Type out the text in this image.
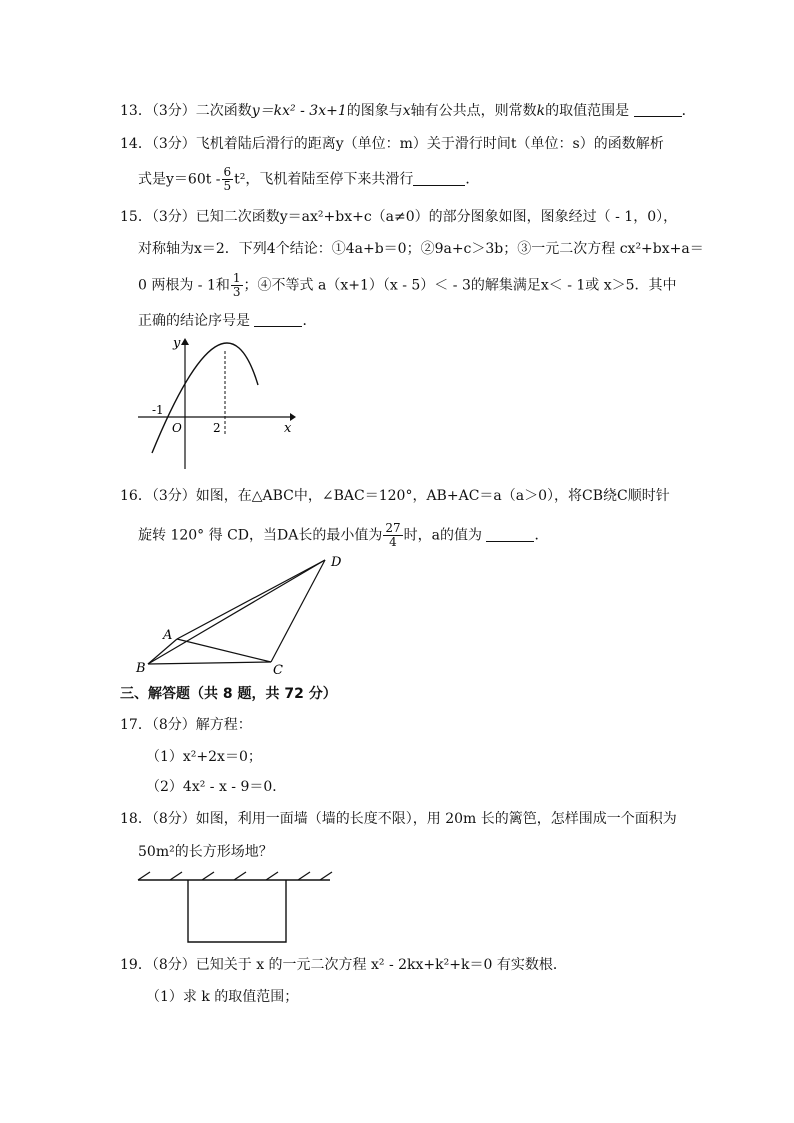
13．（3分）二次函数y＝kx² - 3x+1的图象与x轴有公共点，则常数k的取值范围是	．
14．（3分）飞机着陆后滑行的距离y（单位：m）关于滑行时间t（单位：s）的函数解析
式是$y=60t - \frac{6}{5} t^2$，飞机着陆至停下来共滑行	．
15．（3分）已知二次函数y＝ax²+bx+c（a≠0）的部分图象如图，图象经过（ - 1，0），
对称轴为x＝2．下列4个结论：①4a+b＝0；②9a+c＞3b；③一元二次方程 cx²+bx+a＝
0 两根为 - 1和 $\frac{1}{3}$ ；④不等式 a（x+1）（x - 5）＜ - 3的解集满足x＜ - 1或 x＞5．其中
正确的结论序号是	．
y
x
O
-1
2
16．（3分）如图，在△ABC中，∠BAC＝120°，AB+AC＝a（a＞0），将CB绕C顺时针
旋转 120° 得 CD，当DA长的最小值为 $\frac{27}{4}$ 时，a的值为	．
A
B	C
D
三、解答题（共 8 题，共 72 分）
17．（8分）解方程：
（1）x²+2x＝0；
（2）4x² - x - 9＝0．
18．（8分）如图，利用一面墙（墙的长度不限），用 20m 长的篱笆，怎样围成一个面积为
50m²的长方形场地？
19．（8分）已知关于 x 的一元二次方程 x² - 2kx+k²+k＝0 有实数根．
（1）求 k 的取值范围；
